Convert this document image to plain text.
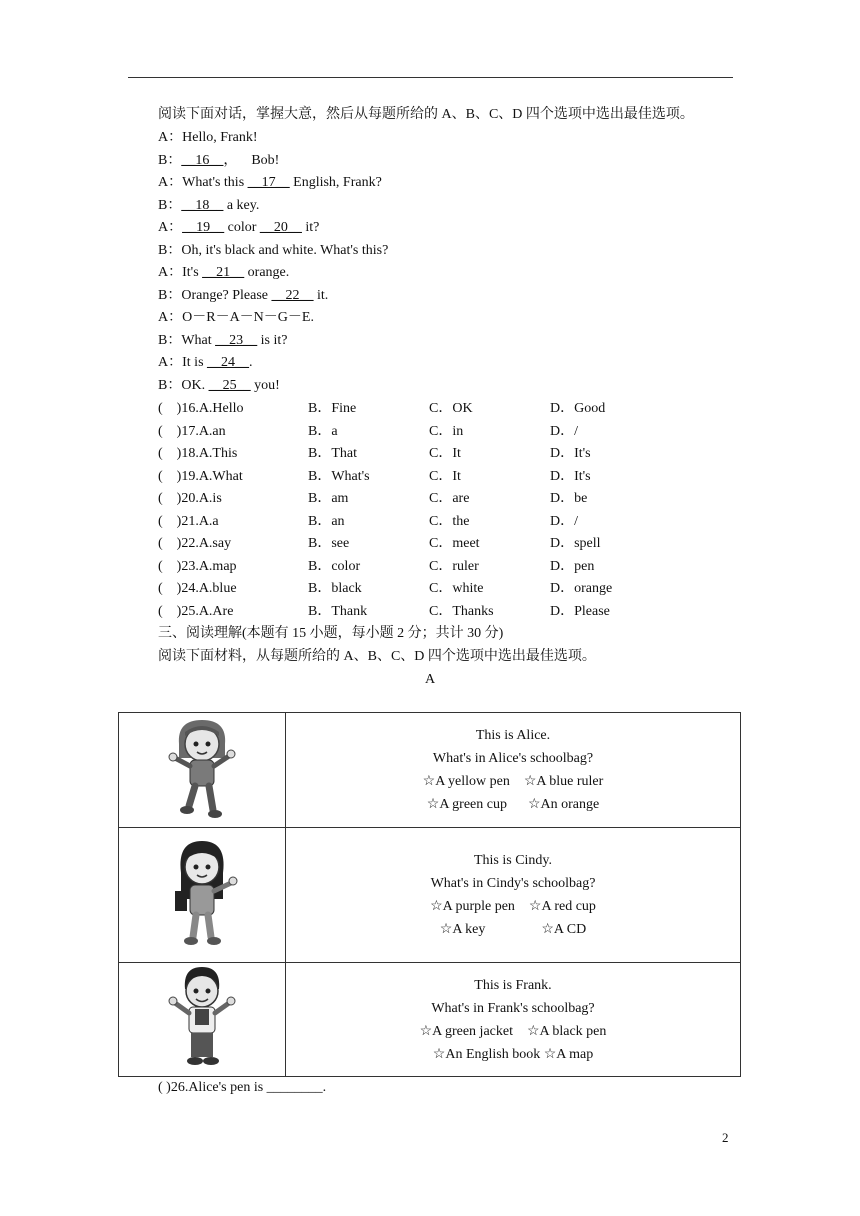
阅读下面对话，掌握大意，然后从每题所给的 A、B、C、D 四个选项中选出最佳选项。
A：Hello, Frank!
B：__16__，    Bob!
A：What's this __17__ English, Frank?
B：__18__ a key.
A：__19__ color __20__ it?
B：Oh, it's black and white. What's this?
A：It's __21__ orange.
B：Orange? Please __22__ it.
A：O－R－A－N－G－E.
B：What __23__ is it?
A：It is __24__.
B：OK. __25__ you!
(    )16.A.Hello	B．Fine	C．OK	D．Good
(    )17.A.an	B．a	C．in	D．/
(    )18.A.This	B．That	C．It	D．It's
(    )19.A.What	B．What's	C．It	D．It's
(    )20.A.is	B．am	C．are	D．be
(    )21.A.a	B．an	C．the	D．/
(    )22.A.say	B．see	C．meet	D．spell
(    )23.A.map	B．color	C．ruler	D．pen
(    )24.A.blue	B．black	C．white	D．orange
(    )25.A.Are	B．Thank	C．Thanks	D．Please
三、阅读理解(本题有 15 小题，每小题 2 分；共计 30 分)
阅读下面材料，从每题所给的 A、B、C、D 四个选项中选出最佳选项。
A

This is Alice.
What's in Alice's schoolbag?
☆A yellow pen    ☆A blue ruler
☆A green cup      ☆An orange

This is Cindy.
What's in Cindy's schoolbag?
☆A purple pen    ☆A red cup
☆A key                ☆A CD

This is Frank.
What's in Frank's schoolbag?
☆A green jacket    ☆A black pen
☆An English book ☆A map
( )26.Alice's pen is ________.
2
